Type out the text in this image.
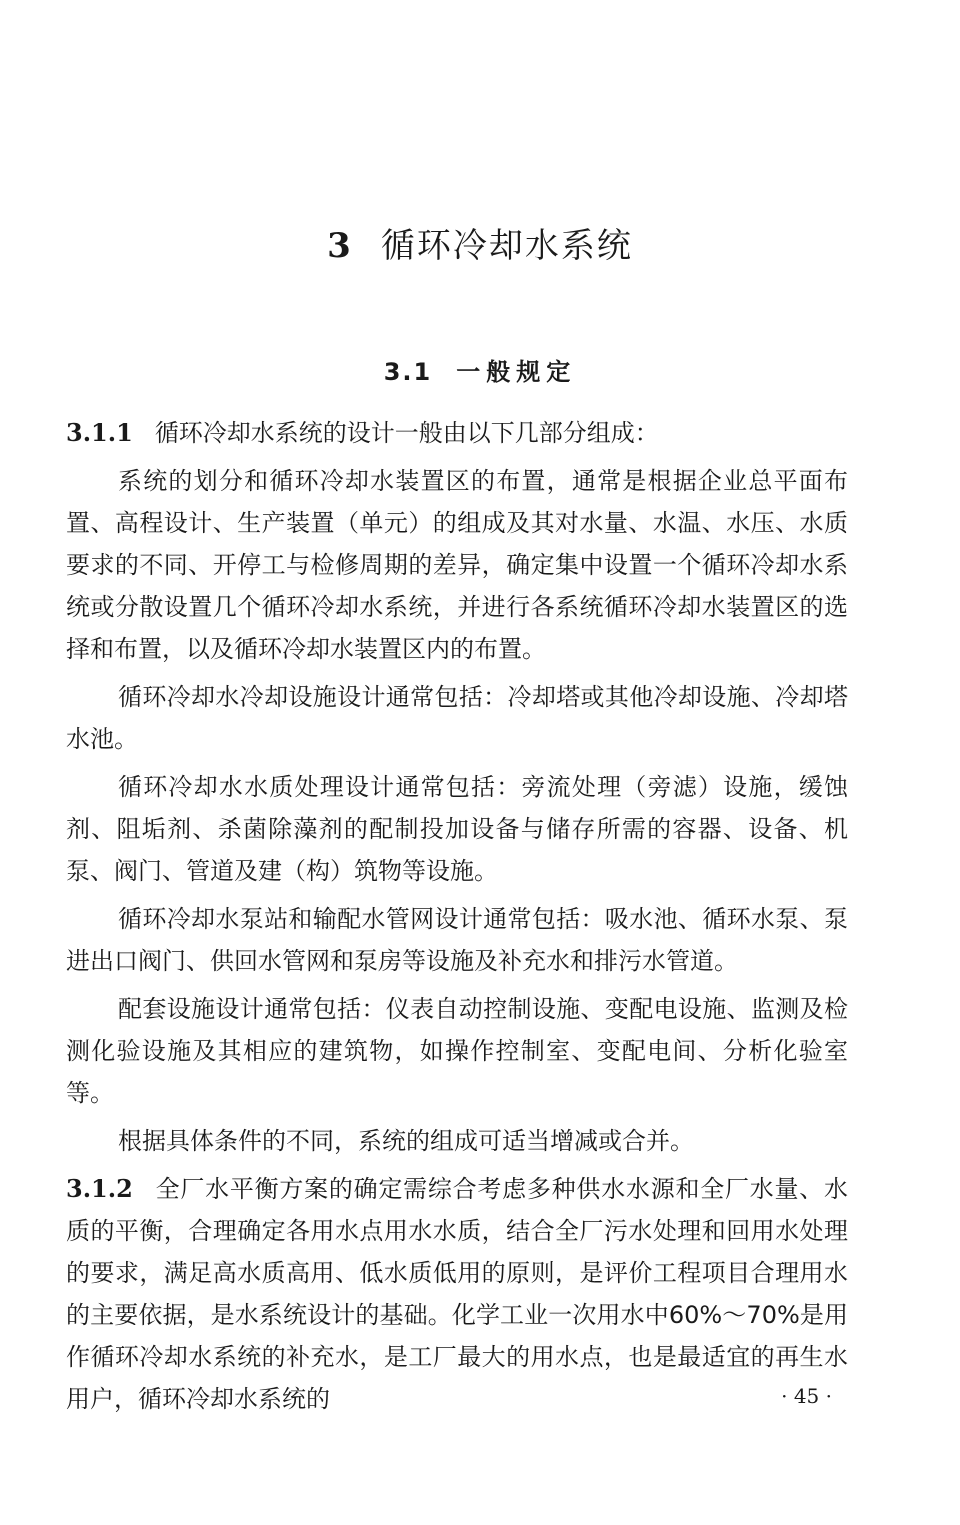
3 循环冷却水系统
3.1 一般规定

3.1.1 循环冷却水系统的设计一般由以下几部分组成：

系统的划分和循环冷却水装置区的布置，通常是根据企业总平面布置、高程设计、生产装置（单元）的组成及其对水量、水温、水压、水质要求的不同、开停工与检修周期的差异，确定集中设置一个循环冷却水系统或分散设置几个循环冷却水系统，并进行各系统循环冷却水装置区的选择和布置，以及循环冷却水装置区内的布置。

循环冷却水冷却设施设计通常包括：冷却塔或其他冷却设施、冷却塔水池。

循环冷却水水质处理设计通常包括：旁流处理（旁滤）设施，缓蚀剂、阻垢剂、杀菌除藻剂的配制投加设备与储存所需的容器、设备、机泵、阀门、管道及建（构）筑物等设施。

循环冷却水泵站和输配水管网设计通常包括：吸水池、循环水泵、泵进出口阀门、供回水管网和泵房等设施及补充水和排污水管道。

配套设施设计通常包括：仪表自动控制设施、变配电设施、监测及检测化验设施及其相应的建筑物，如操作控制室、变配电间、分析化验室等。

根据具体条件的不同，系统的组成可适当增减或合并。

3.1.2 全厂水平衡方案的确定需综合考虑多种供水水源和全厂水量、水质的平衡，合理确定各用水点用水水质，结合全厂污水处理和回用水处理的要求，满足高水质高用、低水质低用的原则，是评价工程项目合理用水的主要依据，是水系统设计的基础。化学工业一次用水中60%～70%是用作循环冷却水系统的补充水，是工厂最大的用水点，也是最适宜的再生水用户，循环冷却水系统的	· 45 ·
